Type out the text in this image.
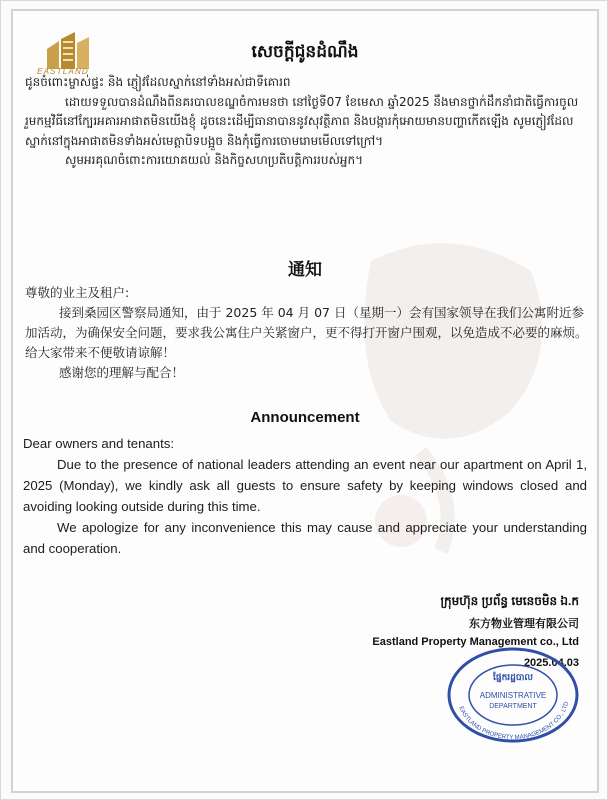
EASTLAND
សេចក្តីជូនដំណឹង

ជូនចំពោះម្ចាស់ផ្ទះ និង ភ្ញៀវដែលស្នាក់នៅទាំងអស់ជាទីគោរព

ដោយទទួលបានដំណឹងពីនគរបាលខណ្ឌចំការមនថា នៅថ្ងៃទី07 ខែមេសា ឆ្នាំ2025 នឹងមានថ្នាក់ដឹកនាំជាតិធ្វើការចូលរួមកម្មវិធីនៅក្បែរអគារអាផាតមិនយើងខ្ញុំ ដូចនេះដើម្បីធានាបាននូវសុវត្ថិភាព និងបង្ការកុំអោយមានបញ្ហាកើតឡើង សូមភ្ញៀវដែលស្នាក់នៅក្នុងអាផាតមិនទាំងអស់មេត្តាបិទបង្អួច និងកុំធ្វើការចោមរោមមើលទៅក្រៅ។

សូមអរគុណចំពោះការយោគយល់ និងកិច្ចសហប្រតិបត្តិការរបស់អ្នក។

通知

尊敬的业主及租户:

接到桑园区警察局通知，由于 2025 年 04 月 07 日（星期一）会有国家领导在我们公寓附近参加活动，为确保安全问题，要求我公寓住户关紧窗户，更不得打开窗户围观，以免造成不必要的麻烦。给大家带来不便敬请谅解！

感谢您的理解与配合！

Announcement

Dear owners and tenants:

Due to the presence of national leaders attending an event near our apartment on April 1, 2025 (Monday), we kindly ask all guests to ensure safety by keeping windows closed and avoiding looking outside during this time.

We apologize for any inconvenience this may cause and appreciate your understanding and cooperation.

ក្រុមហ៊ុន ប្រព័ន្ធ មេនេចមិន ឯ.ក
东方物业管理有限公司
Eastland Property Management co., Ltd
2025.04.03
EASTLAND PROPERTY MANAGEMENT CO., LTD
ផ្នែករដ្ឋបាល
ADMINISTRATIVE
DEPARTMENT
